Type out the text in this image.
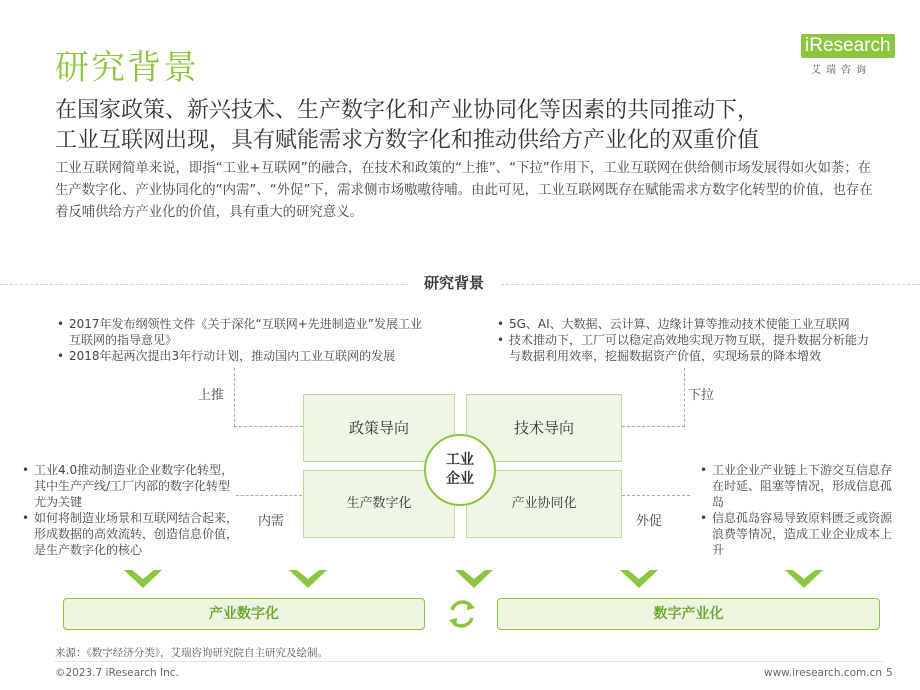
研究背景
iResearch
艾瑞咨询
在国家政策、新兴技术、生产数字化和产业协同化等因素的共同推动下，
工业互联网出现，具有赋能需求方数字化和推动供给方产业化的双重价值
工业互联网简单来说，即指“工业+互联网”的融合，在技术和政策的“上推”、“下拉”作用下，工业互联网在供给侧市场发展得如火如荼；在生产数字化、产业协同化的“内需”、“外促”下，需求侧市场嗷嗷待哺。由此可见，工业互联网既存在赋能需求方数字化转型的价值，也存在着反哺供给方产业化的价值，具有重大的研究意义。
研究背景
• 2017年发布纲领性文件《关于深化“互联网+先进制造业”发展工业互联网的指导意见》
• 2018年起两次提出3年行动计划，推动国内工业互联网的发展
• 5G、AI、大数据、云计算、边缘计算等推动技术使能工业互联网
• 技术推动下，工厂可以稳定高效地实现万物互联，提升数据分析能力与数据利用效率，挖掘数据资产价值，实现场景的降本增效
• 工业4.0推动制造业企业数字化转型，其中生产产线/工厂内部的数字化转型尤为关键
• 如何将制造业场景和互联网结合起来，形成数据的高效流转，创造信息价值，是生产数字化的核心
• 工业企业产业链上下游交互信息存在时延、阻塞等情况，形成信息孤岛
• 信息孤岛容易导致原料匮乏或资源浪费等情况，造成工业企业成本上升
上推	下拉
内需	外促
政策导向	技术导向
生产数字化	产业协同化
工业
企业
产业数字化	数字产业化
来源：《数字经济分类》，艾瑞咨询研究院自主研究及绘制。
©2023.7 iResearch Inc.	www.iresearch.com.cn 5
